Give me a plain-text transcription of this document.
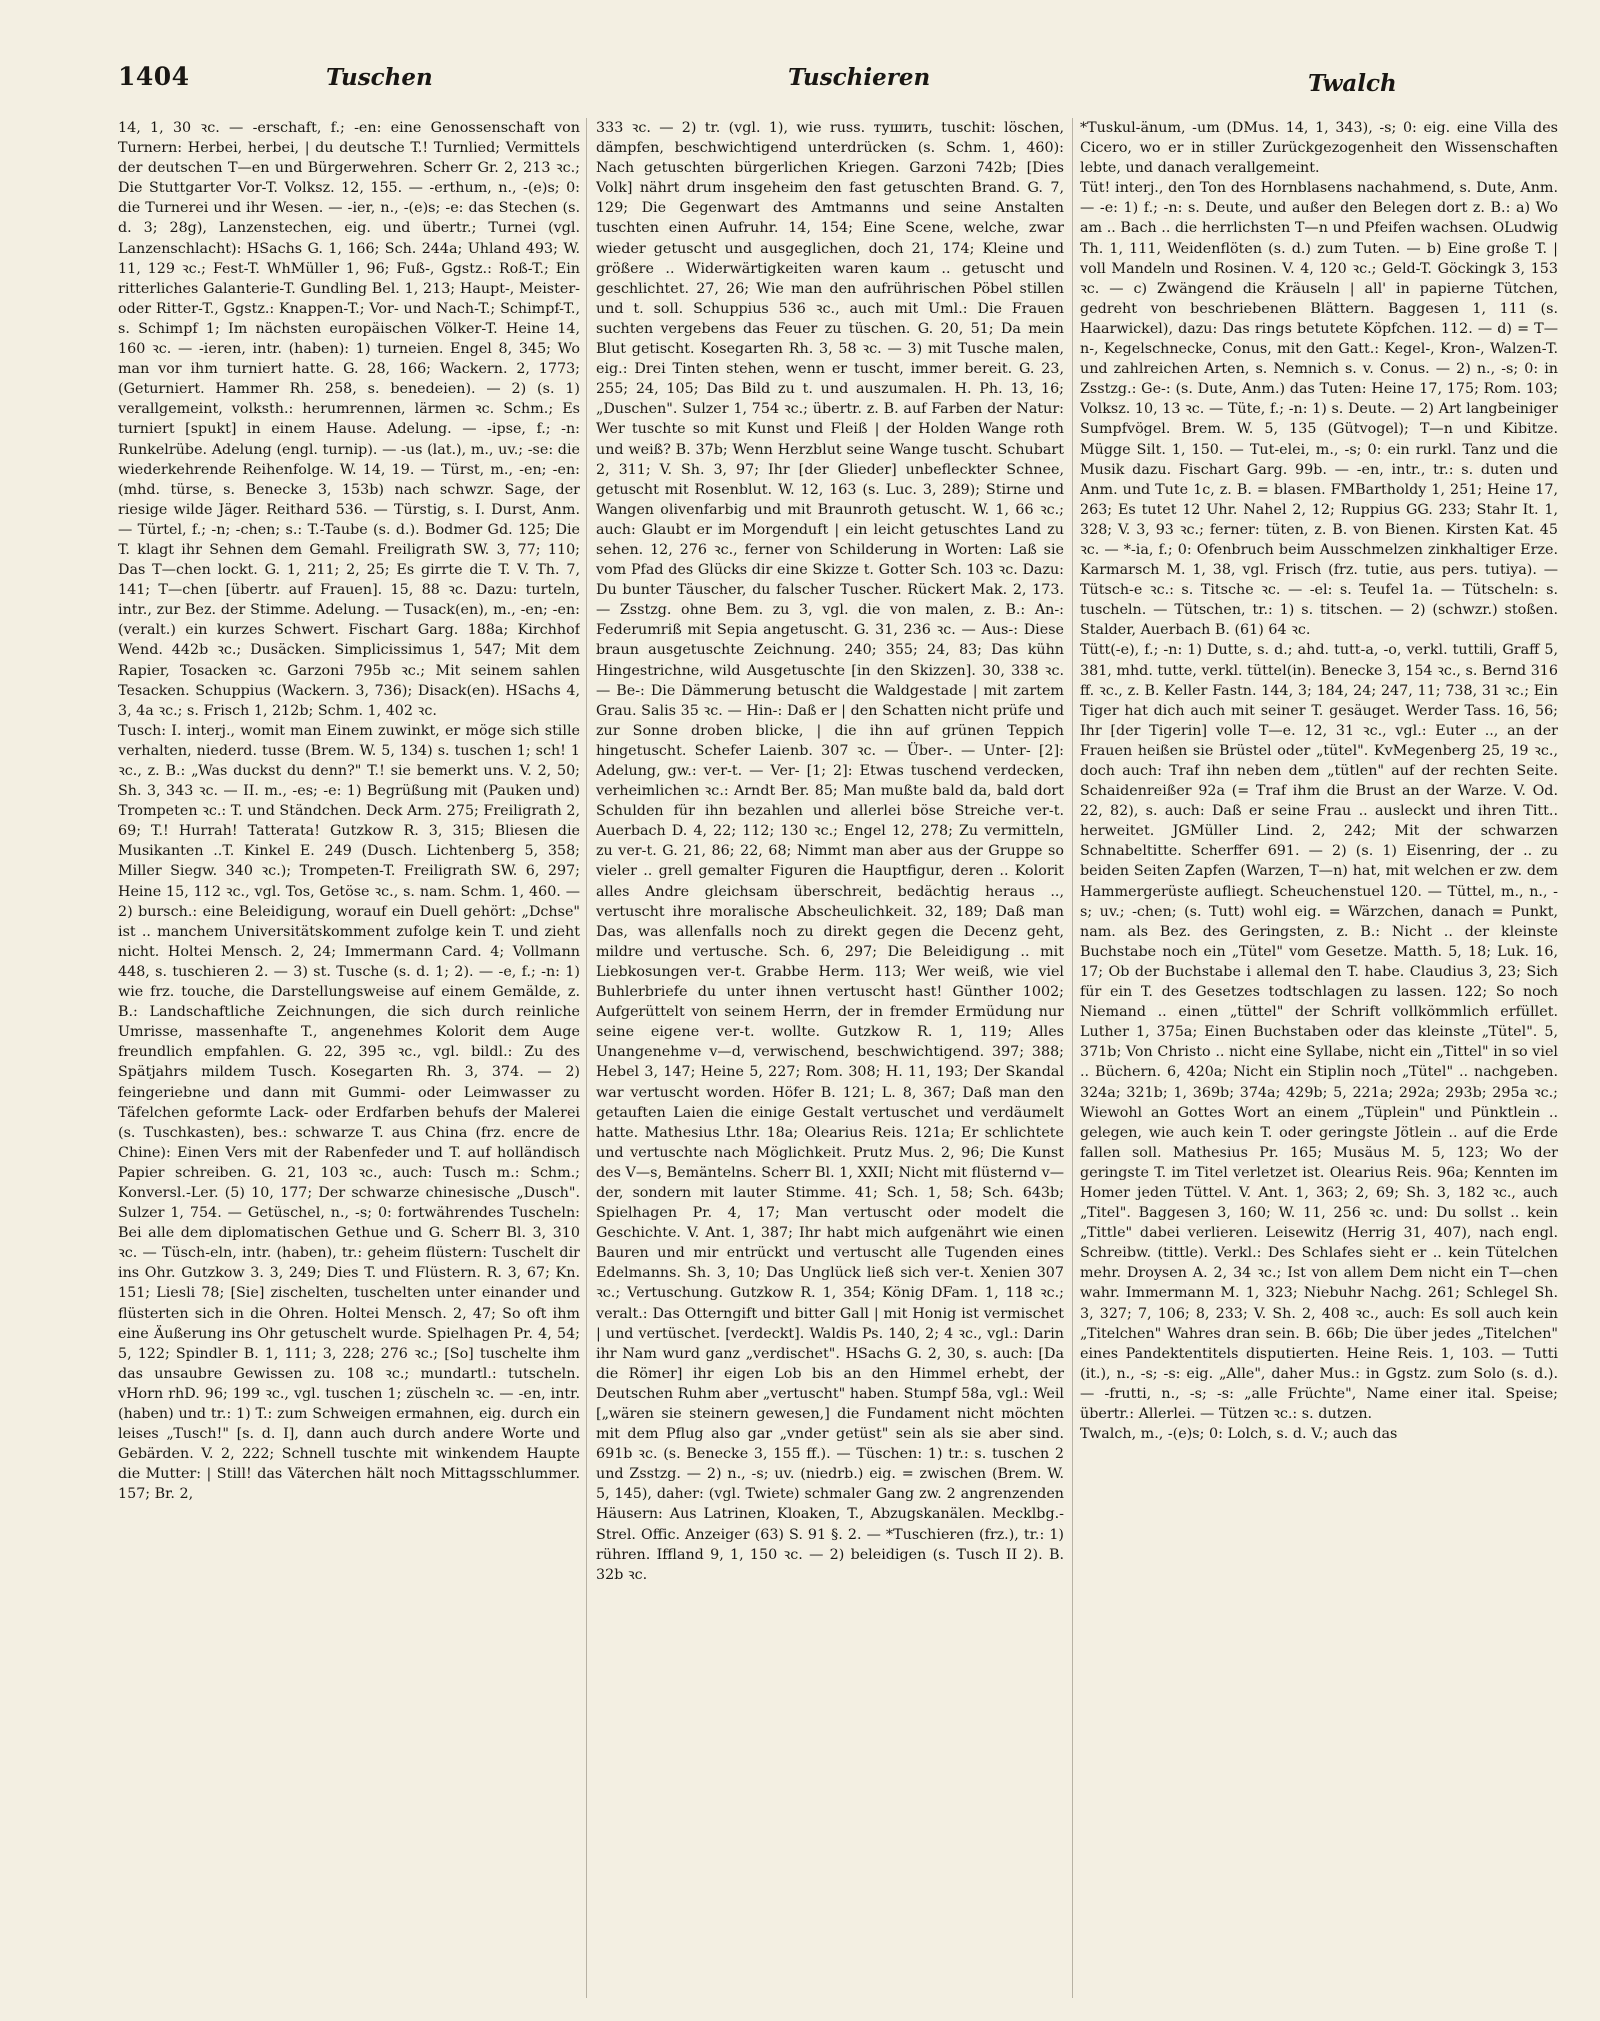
1404	Tuschen	Tuschieren	Twalch

14, 1, 30 ꝛc. — -erschaft, f.; -en: eine Genossenschaft von Turnern: Herbei, herbei, | du deutsche T.! Turnlied; Vermittels der deutschen T—en und Bürgerwehren. Scherr Gr. 2, 213 ꝛc.; Die Stuttgarter Vor-T. Volksz. 12, 155. — -erthum, n., -(e)s; 0: die Turnerei und ihr Wesen. — -ier, n., -(e)s; -e: das Stechen (s. d. 3; 28g), Lanzenstechen, eig. und übertr.; Turnei (vgl. Lanzenschlacht): HSachs G. 1, 166; Sch. 244a; Uhland 493; W. 11, 129 ꝛc.; Fest-T. WhMüller 1, 96; Fuß-, Ggstz.: Roß-T.; Ein ritterliches Galanterie-T. Gundling Bel. 1, 213; Haupt-, Meister- oder Ritter-T., Ggstz.: Knappen-T.; Vor- und Nach-T.; Schimpf-T., s. Schimpf 1; Im nächsten europäischen Völker-T. Heine 14, 160 ꝛc. — -ieren, intr. (haben): 1) turneien. Engel 8, 345; Wo man vor ihm turniert hatte. G. 28, 166; Wackern. 2, 1773; (Geturniert. Hammer Rh. 258, s. benedeien). — 2) (s. 1) verallgemeint, volksth.: herumrennen, lärmen ꝛc. Schm.; Es turniert [spukt] in einem Hause. Adelung. — -ipse, f.; -n: Runkelrübe. Adelung (engl. turnip). — -us (lat.), m., uv.; -se: die wiederkehrende Reihenfolge. W. 14, 19. — Türst, m., -en; -en: (mhd. türse, s. Benecke 3, 153b) nach schwzr. Sage, der riesige wilde Jäger. Reithard 536. — Türstig, s. I. Durst, Anm. — Türtel, f.; -n; -chen; s.: T.-Taube (s. d.). Bodmer Gd. 125; Die T. klagt ihr Sehnen dem Gemahl. Freiligrath SW. 3, 77; 110; Das T—chen lockt. G. 1, 211; 2, 25; Es girrte die T. V. Th. 7, 141; T—chen [übertr. auf Frauen]. 15, 88 ꝛc. Dazu: turteln, intr., zur Bez. der Stimme. Adelung. — Tusack(en), m., -en; -en: (veralt.) ein kurzes Schwert. Fischart Garg. 188a; Kirchhof Wend. 442b ꝛc.; Dusäcken. Simplicissimus 1, 547; Mit dem Rapier, Tosacken ꝛc. Garzoni 795b ꝛc.; Mit seinem sahlen Tesacken. Schuppius (Wackern. 3, 736); Disack(en). HSachs 4, 3, 4a ꝛc.; s. Frisch 1, 212b; Schm. 1, 402 ꝛc.

Tusch: I. interj., womit man Einem zuwinkt, er möge sich stille verhalten, niederd. tusse (Brem. W. 5, 134) s. tuschen 1; sch! 1 ꝛc., z. B.: „Was duckst du denn?" T.! sie bemerkt uns. V. 2, 50; Sh. 3, 343 ꝛc. — II. m., -es; -e: 1) Begrüßung mit (Pauken und) Trompeten ꝛc.: T. und Ständchen. Deck Arm. 275; Freiligrath 2, 69; T.! Hurrah! Tatterata! Gutzkow R. 3, 315; Bliesen die Musikanten ..T. Kinkel E. 249 (Dusch. Lichtenberg 5, 358; Miller Siegw. 340 ꝛc.); Trompeten-T. Freiligrath SW. 6, 297; Heine 15, 112 ꝛc., vgl. Tos, Getöse ꝛc., s. nam. Schm. 1, 460. — 2) bursch.: eine Beleidigung, worauf ein Duell gehört: „Dchse" ist .. manchem Universitätskomment zufolge kein T. und zieht nicht. Holtei Mensch. 2, 24; Immermann Card. 4; Vollmann 448, s. tuschieren 2. — 3) st. Tusche (s. d. 1; 2). — -e, f.; -n: 1) wie frz. touche, die Darstellungsweise auf einem Gemälde, z. B.: Landschaftliche Zeichnungen, die sich durch reinliche Umrisse, massenhafte T., angenehmes Kolorit dem Auge freundlich empfahlen. G. 22, 395 ꝛc., vgl. bildl.: Zu des Spätjahrs mildem Tusch. Kosegarten Rh. 3, 374. — 2) feingeriebne und dann mit Gummi- oder Leimwasser zu Täfelchen geformte Lack- oder Erdfarben behufs der Malerei (s. Tuschkasten), bes.: schwarze T. aus China (frz. encre de Chine): Einen Vers mit der Rabenfeder und T. auf holländisch Papier schreiben. G. 21, 103 ꝛc., auch: Tusch m.: Schm.; Konversl.-Ler. (5) 10, 177; Der schwarze chinesische „Dusch". Sulzer 1, 754. — Getüschel, n., -s; 0: fortwährendes Tuscheln: Bei alle dem diplomatischen Gethue und G. Scherr Bl. 3, 310 ꝛc. — Tüsch-eln, intr. (haben), tr.: geheim flüstern: Tuschelt dir ins Ohr. Gutzkow 3. 3, 249; Dies T. und Flüstern. R. 3, 67; Kn. 151; Liesli 78; [Sie] zischelten, tuschelten unter einander und flüsterten sich in die Ohren. Holtei Mensch. 2, 47; So oft ihm eine Äußerung ins Ohr getuschelt wurde. Spielhagen Pr. 4, 54; 5, 122; Spindler B. 1, 111; 3, 228; 276 ꝛc.; [So] tuschelte ihm das unsaubre Gewissen zu. 108 ꝛc.; mundartl.: tutscheln. vHorn rhD. 96; 199 ꝛc., vgl. tuschen 1; züscheln ꝛc. — -en, intr. (haben) und tr.: 1) T.: zum Schweigen ermahnen, eig. durch ein leises „Tusch!" [s. d. I], dann auch durch andere Worte und Gebärden. V. 2, 222; Schnell tuschte mit winkendem Haupte die Mutter: | Still! das Väterchen hält noch Mittagsschlummer. 157; Br. 2,

333 ꝛc. — 2) tr. (vgl. 1), wie russ. тушить, tuschit: löschen, dämpfen, beschwichtigend unterdrücken (s. Schm. 1, 460): Nach getuschten bürgerlichen Kriegen. Garzoni 742b; [Dies Volk] nährt drum insgeheim den fast getuschten Brand. G. 7, 129; Die Gegenwart des Amtmanns und seine Anstalten tuschten einen Aufruhr. 14, 154; Eine Scene, welche, zwar wieder getuscht und ausgeglichen, doch 21, 174; Kleine und größere .. Widerwärtigkeiten waren kaum .. getuscht und geschlichtet. 27, 26; Wie man den aufrührischen Pöbel stillen und t. soll. Schuppius 536 ꝛc., auch mit Uml.: Die Frauen suchten vergebens das Feuer zu tüschen. G. 20, 51; Da mein Blut getischt. Kosegarten Rh. 3, 58 ꝛc. — 3) mit Tusche malen, eig.: Drei Tinten stehen, wenn er tuscht, immer bereit. G. 23, 255; 24, 105; Das Bild zu t. und auszumalen. H. Ph. 13, 16; „Duschen". Sulzer 1, 754 ꝛc.; übertr. z. B. auf Farben der Natur: Wer tuschte so mit Kunst und Fleiß | der Holden Wange roth und weiß? B. 37b; Wenn Herzblut seine Wange tuscht. Schubart 2, 311; V. Sh. 3, 97; Ihr [der Glieder] unbefleckter Schnee, getuscht mit Rosenblut. W. 12, 163 (s. Luc. 3, 289); Stirne und Wangen olivenfarbig und mit Braunroth getuscht. W. 1, 66 ꝛc.; auch: Glaubt er im Morgenduft | ein leicht getuschtes Land zu sehen. 12, 276 ꝛc., ferner von Schilderung in Worten: Laß sie vom Pfad des Glücks dir eine Skizze t. Gotter Sch. 103 ꝛc. Dazu: Du bunter Täuscher, du falscher Tuscher. Rückert Mak. 2, 173. — Zsstzg. ohne Bem. zu 3, vgl. die von malen, z. B.: An-: Federumriß mit Sepia angetuscht. G. 31, 236 ꝛc. — Aus-: Diese braun ausgetuschte Zeichnung. 240; 355; 24, 83; Das kühn Hingestrichne, wild Ausgetuschte [in den Skizzen]. 30, 338 ꝛc. — Be-: Die Dämmerung betuscht die Waldgestade | mit zartem Grau. Salis 35 ꝛc. — Hin-: Daß er | den Schatten nicht prüfe und zur Sonne droben blicke, | die ihn auf grünen Teppich hingetuscht. Schefer Laienb. 307 ꝛc. — Über-. — Unter- [2]: Adelung, gw.: ver-t. — Ver- [1; 2]: Etwas tuschend verdecken, verheimlichen ꝛc.: Arndt Ber. 85; Man mußte bald da, bald dort Schulden für ihn bezahlen und allerlei böse Streiche ver-t. Auerbach D. 4, 22; 112; 130 ꝛc.; Engel 12, 278; Zu vermitteln, zu ver-t. G. 21, 86; 22, 68; Nimmt man aber aus der Gruppe so vieler .. grell gemalter Figuren die Hauptfigur, deren .. Kolorit alles Andre gleichsam überschreit, bedächtig heraus .., vertuscht ihre moralische Abscheulichkeit. 32, 189; Daß man Das, was allenfalls noch zu direkt gegen die Decenz geht, mildre und vertusche. Sch. 6, 297; Die Beleidigung .. mit Liebkosungen ver-t. Grabbe Herm. 113; Wer weiß, wie viel Buhlerbriefe du unter ihnen vertuscht hast! Günther 1002; Aufgerüttelt von seinem Herrn, der in fremder Ermüdung nur seine eigene ver-t. wollte. Gutzkow R. 1, 119; Alles Unangenehme v—d, verwischend, beschwichtigend. 397; 388; Hebel 3, 147; Heine 5, 227; Rom. 308; H. 11, 193; Der Skandal war vertuscht worden. Höfer B. 121; L. 8, 367; Daß man den getauften Laien die einige Gestalt vertuschet und verdäumelt hatte. Mathesius Lthr. 18a; Olearius Reis. 121a; Er schlichtete und vertuschte nach Möglichkeit. Prutz Mus. 2, 96; Die Kunst des V—s, Bemäntelns. Scherr Bl. 1, XXII; Nicht mit flüsternd v—der, sondern mit lauter Stimme. 41; Sch. 1, 58; Sch. 643b; Spielhagen Pr. 4, 17; Man vertuscht oder modelt die Geschichte. V. Ant. 1, 387; Ihr habt mich aufgenährt wie einen Bauren und mir entrückt und vertuscht alle Tugenden eines Edelmanns. Sh. 3, 10; Das Unglück ließ sich ver-t. Xenien 307 ꝛc.; Vertuschung. Gutzkow R. 1, 354; König DFam. 1, 118 ꝛc.; veralt.: Das Otterngift und bitter Gall | mit Honig ist vermischet | und vertüschet. [verdeckt]. Waldis Ps. 140, 2; 4 ꝛc., vgl.: Darin ihr Nam wurd ganz „verdischet". HSachs G. 2, 30, s. auch: [Da die Römer] ihr eigen Lob bis an den Himmel erhebt, der Deutschen Ruhm aber „vertuscht" haben. Stumpf 58a, vgl.: Weil [„wären sie steinern gewesen,] die Fundament nicht möchten mit dem Pflug also gar „vnder getüst" sein als sie aber sind. 691b ꝛc. (s. Benecke 3, 155 ff.). — Tüschen: 1) tr.: s. tuschen 2 und Zsstzg. — 2) n., -s; uv. (niedrb.) eig. = zwischen (Brem. W. 5, 145), daher: (vgl. Twiete) schmaler Gang zw. 2 angrenzenden Häusern: Aus Latrinen, Kloaken, T., Abzugskanälen. Mecklbg.-Strel. Offic. Anzeiger (63) S. 91 §. 2. — *Tuschieren (frz.), tr.: 1) rühren. Iffland 9, 1, 150 ꝛc. — 2) beleidigen (s. Tusch II 2). B. 32b ꝛc.

*Tuskul-änum, -um (DMus. 14, 1, 343), -s; 0: eig. eine Villa des Cicero, wo er in stiller Zurückgezogenheit den Wissenschaften lebte, und danach verallgemeint.

Tüt! interj., den Ton des Hornblasens nachahmend, s. Dute, Anm. — -e: 1) f.; -n: s. Deute, und außer den Belegen dort z. B.: a) Wo am .. Bach .. die herrlichsten T—n und Pfeifen wachsen. OLudwig Th. 1, 111, Weidenflöten (s. d.) zum Tuten. — b) Eine große T. | voll Mandeln und Rosinen. V. 4, 120 ꝛc.; Geld-T. Göckingk 3, 153 ꝛc. — c) Zwängend die Kräuseln | all' in papierne Tütchen, gedreht von beschriebenen Blättern. Baggesen 1, 111 (s. Haarwickel), dazu: Das rings betutete Köpfchen. 112. — d) = T—n-, Kegelschnecke, Conus, mit den Gatt.: Kegel-, Kron-, Walzen-T. und zahlreichen Arten, s. Nemnich s. v. Conus. — 2) n., -s; 0: in Zsstzg.: Ge-: (s. Dute, Anm.) das Tuten: Heine 17, 175; Rom. 103; Volksz. 10, 13 ꝛc. — Tüte, f.; -n: 1) s. Deute. — 2) Art langbeiniger Sumpfvögel. Brem. W. 5, 135 (Gütvogel); T—n und Kibitze. Mügge Silt. 1, 150. — Tut-elei, m., -s; 0: ein rurkl. Tanz und die Musik dazu. Fischart Garg. 99b. — -en, intr., tr.: s. duten und Anm. und Tute 1c, z. B. = blasen. FMBartholdy 1, 251; Heine 17, 263; Es tutet 12 Uhr. Nahel 2, 12; Ruppius GG. 233; Stahr It. 1, 328; V. 3, 93 ꝛc.; ferner: tüten, z. B. von Bienen. Kirsten Kat. 45 ꝛc. — *-ia, f.; 0: Ofenbruch beim Ausschmelzen zinkhaltiger Erze. Karmarsch M. 1, 38, vgl. Frisch (frz. tutie, aus pers. tutiya). — Tütsch-e ꝛc.: s. Titsche ꝛc. — -el: s. Teufel 1a. — Tütscheln: s. tuscheln. — Tütschen, tr.: 1) s. titschen. — 2) (schwzr.) stoßen. Stalder, Auerbach B. (61) 64 ꝛc.

Tütt(-e), f.; -n: 1) Dutte, s. d.; ahd. tutt-a, -o, verkl. tuttili, Graff 5, 381, mhd. tutte, verkl. tüttel(in). Benecke 3, 154 ꝛc., s. Bernd 316 ff. ꝛc., z. B. Keller Fastn. 144, 3; 184, 24; 247, 11; 738, 31 ꝛc.; Ein Tiger hat dich auch mit seiner T. gesäuget. Werder Tass. 16, 56; Ihr [der Tigerin] volle T—e. 12, 31 ꝛc., vgl.: Euter .., an der Frauen heißen sie Brüstel oder „tütel". KvMegenberg 25, 19 ꝛc., doch auch: Traf ihn neben dem „tütlen" auf der rechten Seite. Schaidenreißer 92a (= Traf ihm die Brust an der Warze. V. Od. 22, 82), s. auch: Daß er seine Frau .. ausleckt und ihren Titt.. herweitet. JGMüller Lind. 2, 242; Mit der schwarzen Schnabeltitte. Scherffer 691. — 2) (s. 1) Eisenring, der .. zu beiden Seiten Zapfen (Warzen, T—n) hat, mit welchen er zw. dem Hammergerüste aufliegt. Scheuchenstuel 120. — Tüttel, m., n., -s; uv.; -chen; (s. Tutt) wohl eig. = Wärzchen, danach = Punkt, nam. als Bez. des Geringsten, z. B.: Nicht .. der kleinste Buchstabe noch ein „Tütel" vom Gesetze. Matth. 5, 18; Luk. 16, 17; Ob der Buchstabe i allemal den T. habe. Claudius 3, 23; Sich für ein T. des Gesetzes todtschlagen zu lassen. 122; So noch Niemand .. einen „tüttel" der Schrift vollkömmlich erfüllet. Luther 1, 375a; Einen Buchstaben oder das kleinste „Tütel". 5, 371b; Von Christo .. nicht eine Syllabe, nicht ein „Tittel" in so viel .. Büchern. 6, 420a; Nicht ein Stiplin noch „Tütel" .. nachgeben. 324a; 321b; 1, 369b; 374a; 429b; 5, 221a; 292a; 293b; 295a ꝛc.; Wiewohl an Gottes Wort an einem „Tüplein" und Pünktlein .. gelegen, wie auch kein T. oder geringste Jötlein .. auf die Erde fallen soll. Mathesius Pr. 165; Musäus M. 5, 123; Wo der geringste T. im Titel verletzet ist. Olearius Reis. 96a; Kennten im Homer jeden Tüttel. V. Ant. 1, 363; 2, 69; Sh. 3, 182 ꝛc., auch „Titel". Baggesen 3, 160; W. 11, 256 ꝛc. und: Du sollst .. kein „Tittle" dabei verlieren. Leisewitz (Herrig 31, 407), nach engl. Schreibw. (tittle). Verkl.: Des Schlafes sieht er .. kein Tütelchen mehr. Droysen A. 2, 34 ꝛc.; Ist von allem Dem nicht ein T—chen wahr. Immermann M. 1, 323; Niebuhr Nachg. 261; Schlegel Sh. 3, 327; 7, 106; 8, 233; V. Sh. 2, 408 ꝛc., auch: Es soll auch kein „Titelchen" Wahres dran sein. B. 66b; Die über jedes „Titelchen" eines Pandektentitels disputierten. Heine Reis. 1, 103. — Tutti (it.), n., -s; -s: eig. „Alle", daher Mus.: in Ggstz. zum Solo (s. d.). — -frutti, n., -s; -s: „alle Früchte", Name einer ital. Speise; übertr.: Allerlei. — Tützen ꝛc.: s. dutzen.

Twalch, m., -(e)s; 0: Lolch, s. d. V.; auch das
